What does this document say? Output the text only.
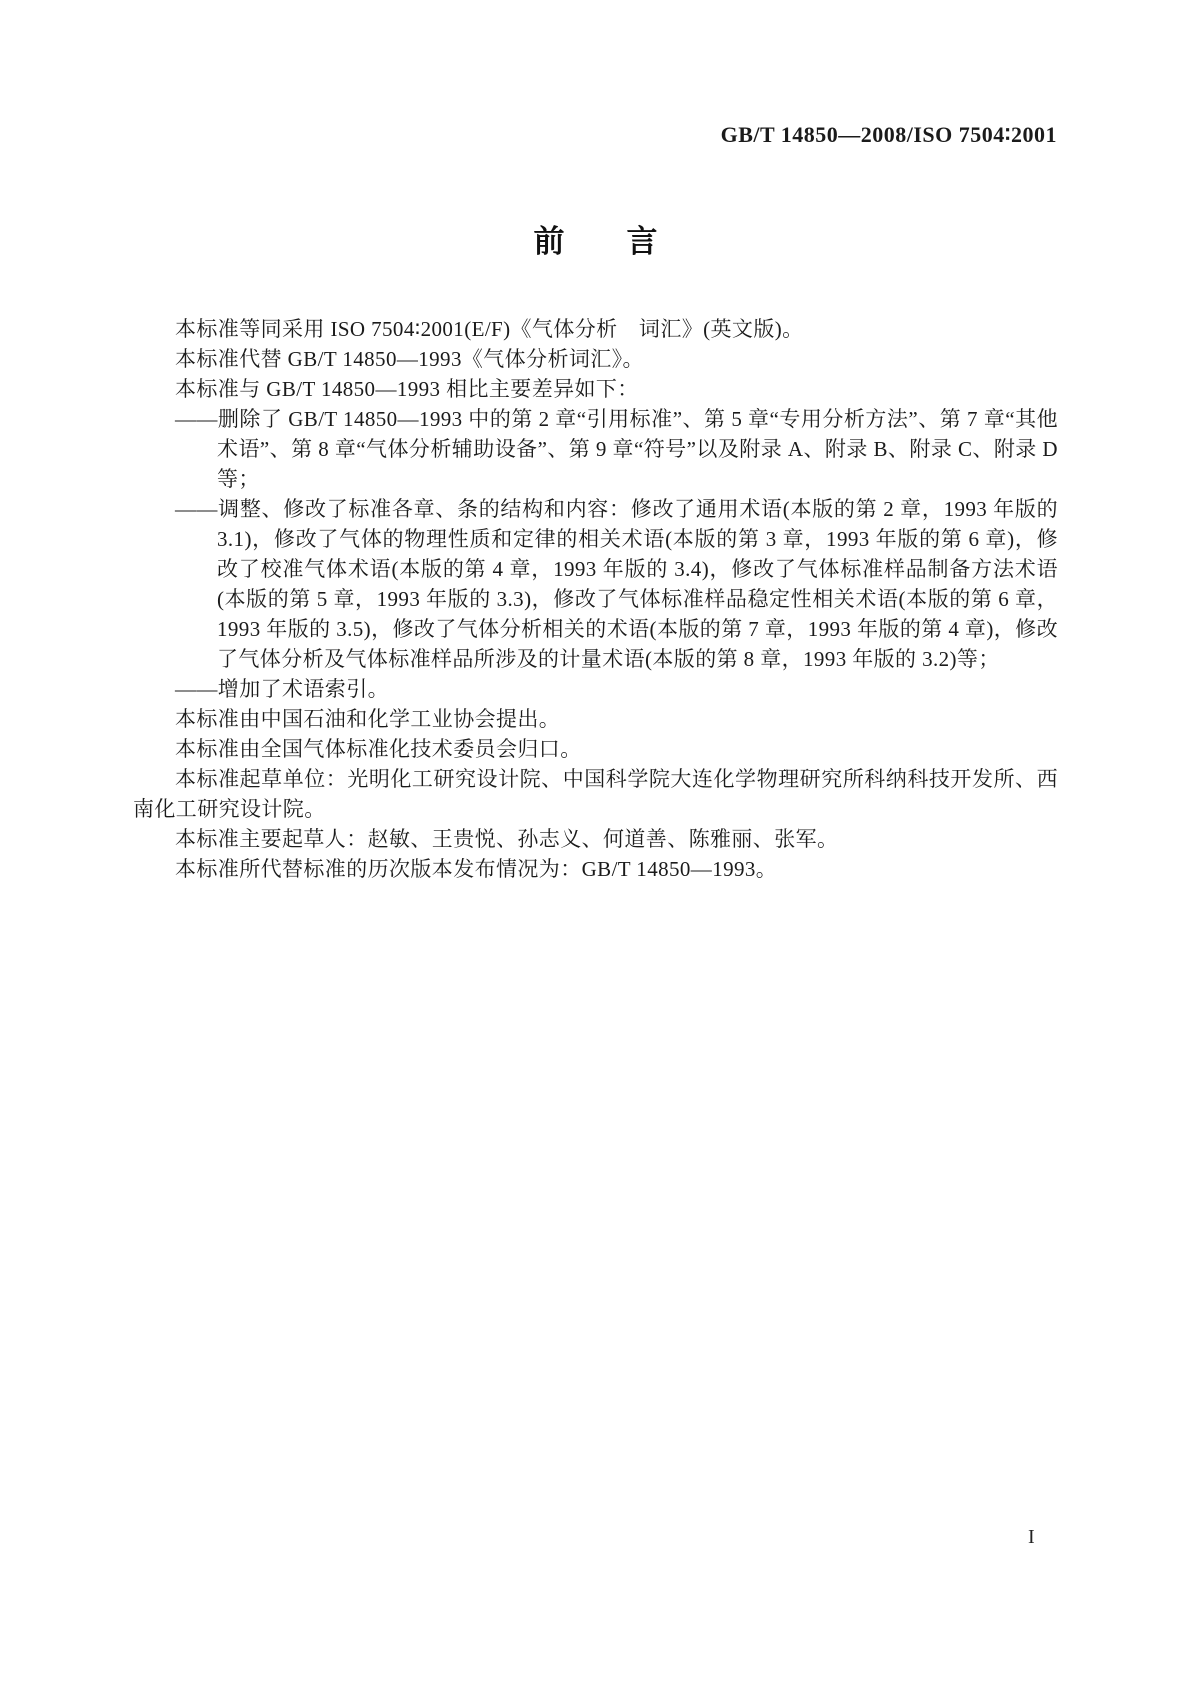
GB/T 14850—2008/ISO 7504∶2001
前　　言

本标准等同采用 ISO 7504∶2001(E/F)《气体分析　词汇》(英文版)。

本标准代替 GB/T 14850—1993《气体分析词汇》。

本标准与 GB/T 14850—1993 相比主要差异如下：

——删除了 GB/T 14850—1993 中的第 2 章“引用标准”、第 5 章“专用分析方法”、第 7 章“其他术语”、第 8 章“气体分析辅助设备”、第 9 章“符号”以及附录 A、附录 B、附录 C、附录 D 等；

——调整、修改了标准各章、条的结构和内容：修改了通用术语(本版的第 2 章，1993 年版的 3.1)，修改了气体的物理性质和定律的相关术语(本版的第 3 章，1993 年版的第 6 章)，修改了校准气体术语(本版的第 4 章，1993 年版的 3.4)，修改了气体标准样品制备方法术语(本版的第 5 章，1993 年版的 3.3)，修改了气体标准样品稳定性相关术语(本版的第 6 章，1993 年版的 3.5)，修改了气体分析相关的术语(本版的第 7 章，1993 年版的第 4 章)，修改了气体分析及气体标准样品所涉及的计量术语(本版的第 8 章，1993 年版的 3.2)等；

——增加了术语索引。

本标准由中国石油和化学工业协会提出。

本标准由全国气体标准化技术委员会归口。

本标准起草单位：光明化工研究设计院、中国科学院大连化学物理研究所科纳科技开发所、西南化工研究设计院。

本标准主要起草人：赵敏、王贵悦、孙志义、何道善、陈雅丽、张军。

本标准所代替标准的历次版本发布情况为：GB/T 14850—1993。

I
